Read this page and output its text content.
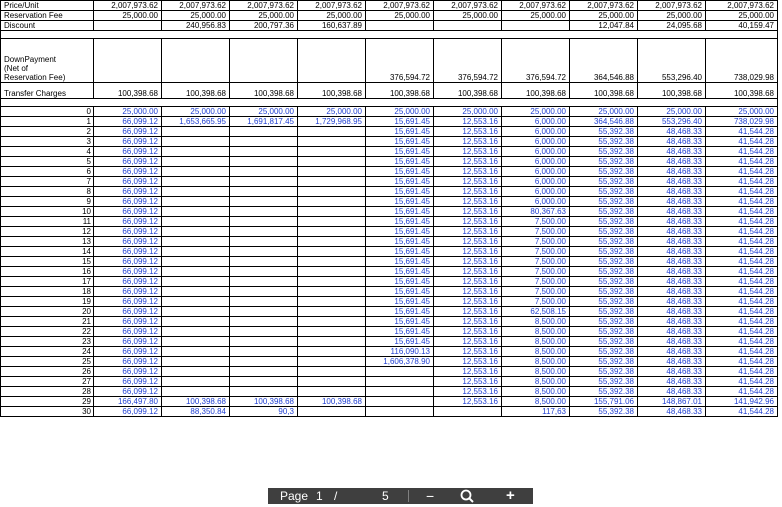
Price/Unit	2,007,973.62	2,007,973.62	2,007,973.62	2,007,973.62	2,007,973.62	2,007,973.62	2,007,973.62	2,007,973.62	2,007,973.62	2,007,973.62
Reservation Fee	25,000.00	25,000.00	25,000.00	25,000.00	25,000.00	25,000.00	25,000.00	25,000.00	25,000.00	25,000.00
Discount		240,956.83	200,797.36	160,637.89				12,047.84	24,095.68	40,159.47

DownPayment
(Net of
Reservation Fee)					376,594.72	376,594.72	376,594.72	364,546.88	553,296.40	738,029.98
Transfer Charges	100,398.68	100,398.68	100,398.68	100,398.68	100,398.68	100,398.68	100,398.68	100,398.68	100,398.68	100,398.68

0	25,000.00	25,000.00	25,000.00	25,000.00	25,000.00	25,000.00	25,000.00	25,000.00	25,000.00	25,000.00
1	66,099.12	1,653,665.95	1,691,817.45	1,729,968.95	15,691.45	12,553.16	6,000.00	364,546.88	553,296.40	738,029.98
2	66,099.12				15,691.45	12,553.16	6,000.00	55,392.38	48,468.33	41,544.28
3	66,099.12				15,691.45	12,553.16	6,000.00	55,392.38	48,468.33	41,544.28
4	66,099.12				15,691.45	12,553.16	6,000.00	55,392.38	48,468.33	41,544.28
5	66,099.12				15,691.45	12,553.16	6,000.00	55,392.38	48,468.33	41,544.28
6	66,099.12				15,691.45	12,553.16	6,000.00	55,392.38	48,468.33	41,544.28
7	66,099.12				15,691.45	12,553.16	6,000.00	55,392.38	48,468.33	41,544.28
8	66,099.12				15,691.45	12,553.16	6,000.00	55,392.38	48,468.33	41,544.28
9	66,099.12				15,691.45	12,553.16	6,000.00	55,392.38	48,468.33	41,544.28
10	66,099.12				15,691.45	12,553.16	80,367.63	55,392.38	48,468.33	41,544.28
11	66,099.12				15,691.45	12,553.16	7,500.00	55,392.38	48,468.33	41,544.28
12	66,099.12				15,691.45	12,553.16	7,500.00	55,392.38	48,468.33	41,544.28
13	66,099.12				15,691.45	12,553.16	7,500.00	55,392.38	48,468.33	41,544.28
14	66,099.12				15,691.45	12,553.16	7,500.00	55,392.38	48,468.33	41,544.28
15	66,099.12				15,691.45	12,553.16	7,500.00	55,392.38	48,468.33	41,544.28
16	66,099.12				15,691.45	12,553.16	7,500.00	55,392.38	48,468.33	41,544.28
17	66,099.12				15,691.45	12,553.16	7,500.00	55,392.38	48,468.33	41,544.28
18	66,099.12				15,691.45	12,553.16	7,500.00	55,392.38	48,468.33	41,544.28
19	66,099.12				15,691.45	12,553.16	7,500.00	55,392.38	48,468.33	41,544.28
20	66,099.12				15,691.45	12,553.16	62,508.15	55,392.38	48,468.33	41,544.28
21	66,099.12				15,691.45	12,553.16	8,500.00	55,392.38	48,468.33	41,544.28
22	66,099.12				15,691.45	12,553.16	8,500.00	55,392.38	48,468.33	41,544.28
23	66,099.12				15,691.45	12,553.16	8,500.00	55,392.38	48,468.33	41,544.28
24	66,099.12				116,090.13	12,553.16	8,500.00	55,392.38	48,468.33	41,544.28
25	66,099.12				1,606,378.90	12,553.16	8,500.00	55,392.38	48,468.33	41,544.28
26	66,099.12					12,553.16	8,500.00	55,392.38	48,468.33	41,544.28
27	66,099.12					12,553.16	8,500.00	55,392.38	48,468.33	41,544.28
28	66,099.12					12,553.16	8,500.00	55,392.38	48,468.33	41,544.28
29	166,497.80	100,398.68	100,398.68	100,398.68		12,553.16	8,500.00	155,791.06	148,867.01	141,942.96
30	66,099.12	88,350.84	90,3				117,63	55,392.38	48,468.33	41,544.28
Page 1 /	5	−	+
